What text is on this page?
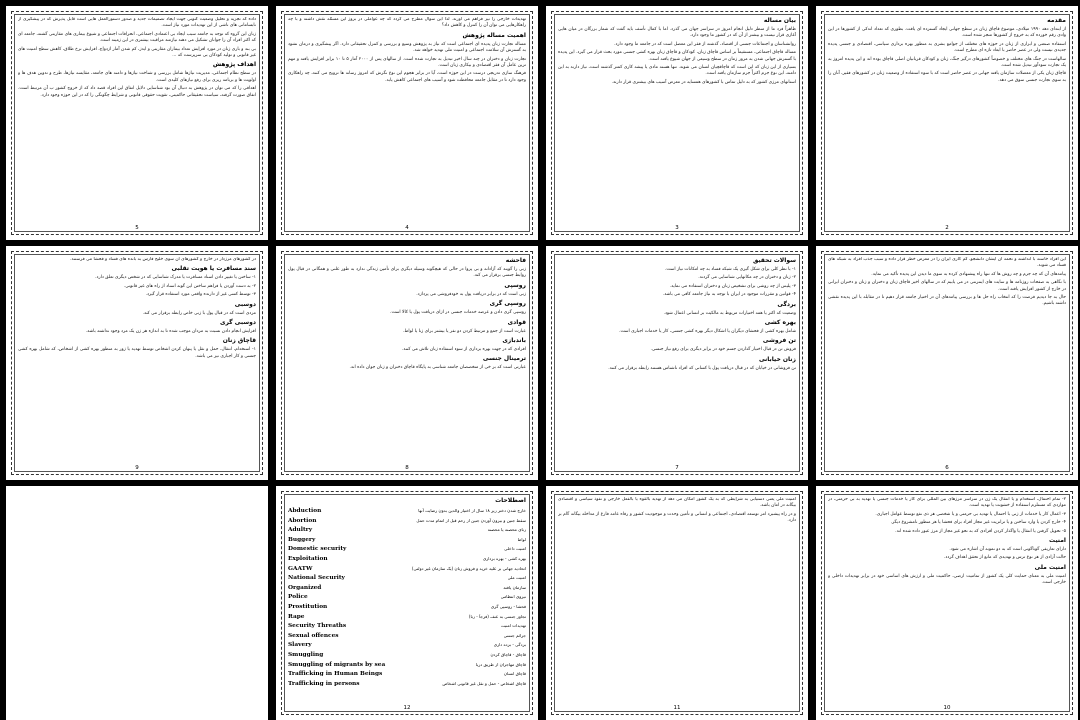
داده که تجزیه و تحلیل وضعیت کنونی جهت ایجاد تصمیمات جدید و صدور دستورالعمل هایی است قابل پذیرش که در پیشگیری از نابسامانی های ناشی از این تهدیدات مورد نیاز است.

زنان این گروه که توجه به جامعه سبب ایجاد بی اعتمادی اجتماعی، انحرافات اجتماعی و شیوع بیماری های مقاربتی گشته، جامعه ای که اکثر افراد آن را جوانان تشکیل می دهند نیازمند مراقبت بیشتری در این زمینه است.

بی بند و باری زنان در مورد افزایش تعداد بیماران مقاربتی و ایدز، کم شدن آمار ازدواج، افزایش نرخ طلاق، کاهش سطح امنیت های غیر قانونی و تولید کودکان بی سرپرست که ...

اهداف پژوهش

در سطح نظام اجتماعی، مدیریت نیازها شامل بررسی و شناخت نیازها و دامنه های جامعه، مقایسه نیازها، طرح و تدوین هدف ها و اولویت ها و برنامه ریزی برای رفع نیازهای کلیدی است.

اهدافی را که می توان در پژوهش به دنبال آن بود شناسایی دلایل اتفاق این افراد قصد داد که از خروج کشور ب آن مرتبط است. اتفاق صورت گرفته، سیاست تحقیقاتی حاکمیتی، تقویت حقوقی قانونی و شرایط چگونگی را که در این حوزه وجود دارد.

5

تهدیدات خارجی را نیز فراهم می آورند. لذا این سوال مطرح می گردد که چه عواملی در بروز این مسئله نقش داشته و با چه راهکارهایی می توان آن را کنترل و کاهش داد؟

اهمیت مساله پژوهش

مساله تجارت زنان پدیده ای اجتماعی است که نیاز به پژوهش وسیع و بررسی و کنترل تحقیقاتی دارد. اگر پیشگیری و درمان نشود به گسترش آن سلامت اجتماعی و امنیت ملی تهدید خواهد شد.

تجارت زنان و دختران در چند سال اخیر تبدیل به تجارت شده است. از سالهای پس از ۲۰۰۰ آمار ۵ تا ۱۰ برابر افزایش یافته و مهم ترین عامل آن فقر اقتصادی و بیکاری زنان است.

فرهنگ سازی تدریجی درست در این حوزه است، آیا در برابر هجوم این نوع نگرش که امروز رسانه ها ترویج می کنند، چه راهکاری وجود دارد تا در مقابل جامعه محافظت شود و آسیب های اجتماعی کاهش یابد.

4
بیان مساله

ظاهراً فرد ما از منظر دلیل انجام امروز در سراسر جهان می گذرد. اما با کمال تأسف باید گفت که شمار بزرگان در میان هایی آغازی قرار نیست و بیشتر از آن که در کشور ما وجود دارد.

روانشناسان و اجتماعات جنسی از اقتصاد، گذشته از فقر این معضل است که در جامعه ما وجود دارد.

مساله قاچاق اجتماعی، مستقیماً بر اساس قاچاق زنان، کودکان و قاچاق زنان بهره کشی جنسی مورد بحث قرار می گیرد. این پدیده با گسترش جهانی شدن به مرور زمان در سطح وسیعی از جهان شیوع یافته است.

بسیاری از این زنان که این است که قاچاقچیان انسان می شوند. تنها هسته مادی یا پیشه کاری کمتر گذشته است، نیاز دارند به این دامنه، این نوع جرم اکثراً جرم سازمان یافته است.

استانهای مرزی کشور که به دلیل تماس با کشورهای همسایه در معرض آسیب های بیشتری قرار دارند.

3
مقدمه

از ابتدای دهه ۱۹۹۰ میلادی، موضوع قاچاق زنان در سطح جهانی ایجاد گسترده ای یافت. بطوری که تعداد اندکی از کشورها در این وادی رقم خورده که به خروج از کشورها منجر شده است.

استفاده صنعتی و ابزاری از زنان در حوزه های مختلف از جوامع بشری به منظور بهره برداری سیاسی، اقتصادی و جنسی پدیده جدیدی نیست ولی در عصر حاضر با ابعاد تازه ای مطرح است.

سالهاست در جنگ های مختلف و خصوصاً کشورهای درگیر جنگ، زنان و کودکان قربانیان اصلی قاچاق بوده اند و این پدیده امروز به یک تجارت سودآور تبدیل شده است.

قاچاق زنان یکی از معضلات سازمان یافته جهانی در عصر حاضر است که با سوء استفاده از وضعیت زنان در کشورهای فقیر، آنان را به سوی تجارت جنسی سوق می دهد.

2

در کشورهای مرزدار در خارج و کشورهای آن سوی خلیج فارس به بانده های فساد و فحشا می فرستند.

سند مسافرت یا هویت تقلبی

۱- ساختن یا تغییر دادن اسناد مسافرت یا مدرک شناسایی که در شخص دیگری تعلق دارد.

۲- به دست آوردن یا فراهم ساختن این گونه اسناد از راه های غیر قانونی.

۳- توسط کسی غیر از دارنده واقعی مورد استفاده قرار گیرد.

دوسبی

مردی است که در قبال پول با زنی خاص رابطه برقرار می کند.

دوسبی گری

افزایش انجام دادن نسبت به مردان موجب شده تا به اندازه هر زن یک مرد وجود نداشته باشد.

قاچاق زنان

۱- استخدام، انتقال، حمل و نقل یا پنهان کردن اشخاص توسط تهدید یا زور به منظور بهره کشی از اشخاص، که شامل بهره کشی جنسی و کار اجباری نیز می باشد.

9
فاحشه

زنی را گویند که آزادانه و بی پروا در حالی که هیچگونه وسیله دیگری برای تأمین زندگی ندارد به طور علنی و همگانی در قبال پول روابط جنسی برقرار می کند.

روسپی

زنی است که در برابر دریافت پول به خودفروشی می پردازد.

روسپی گری

روسپی گری دادن و عرضه خدمات جنسی در ازای دریافت پول یا کالا است.

قوادی

عبارت است از جمع و مرتبط کردن دو نفر یا بیشتر برای زنا یا لواط.

باندبازی

افرادی که در جهت بهره برداری از سوء استفاده زنان تلاش می کنند.

ترمینال جنسی

عبارتی است که بر خی از متخصصان جامعه شناسی به پایگاه قاچاق دختران و زنان جوان داده اند.

8
سوالات تحقیق

۱- با نظر کلی برای شکل گیری یک شبکه فساد به چه امکانات نیاز است.

۲- زنان و دختران در چه مکانهایی شناسایی می گردند.

۳- پلیس از چه روشی برای تشخیص زنان و دختران استفاده می نماید.

۴- قوانین و مقررات موجود در ایران با توجه به نیاز جامعه کافی می باشد.

بردگی

وضعیت که اکثر یا همه اختیارات مربوط به مالکیت بر انسانی اعمال شود.

بهره کشی

شامل بهره کشی از فحشای دیگران یا اشکال دیگر بهره کشی جنسی، کار یا خدمات اجباری است.

تن فروشی

فروش تن در قبال اختیار گذاردن جسم خود در برابر دیگری برای رفع نیاز جنسی.

زنان خیابانی

تن فروشانی در خیابان که در قبال دریافت پول با کسانی که افراد ناشناس هستند رابطه برقرار می کنند.

7

این افراد خاسته با انداشته و تحمه آن ایشان دانشجو، کم کاری ایران را در معرض خطر قرار داده و سبب جذب افراد به شبکه های فساد می شوند.

پیامدهای آن که چه جرم و چه روش ها که تنها راه پیشنهادی کرده به سوی ما دیدن این پدیده تأکید می نماید.

با نگاهی به صفحات روزنامه ها و سایت های اینترنتی در می یابیم که در سالهای اخیر قاچاق زنان و دختران و زنان و دختران ایرانی در خارج از کشور افزایش یافته است.

حال به جا دیدیم فرصت را که انتخاب راه حل ها و بررسی پیامدهای آن در اختیار جامعه قرار دهیم تا در مقابله با این پدیده نقشی داشته باشیم.

6
اصطلاحات
Abduction	خارج شدن دختر زیر ۱۸ سال از اختیار والدین بدون رضایت آنها
Abortion	سقط جنین و بیرون آوردن جنین از رحم قبل از اتمام مدت حمل
Adultry	زنای محصنه یا محصنه
Buggery	لواط
Domestic security	امنیت داخلی
Exploitation	بهره کشی - بهره برداری
GAATW	اتحادیه جهانی بر علیه خرید و فروش زنان (یک سازمان غیر دولتی)
National Security	امنیت ملی
Organized	سازمان یافته
Police	نیروی انتظامی
Prostitution	فحشا - روسپی گری
Rape	تجاوز جنسی به عنف (فرجاً - زنا)
Security Threaths	تهدیدات امنیت
Sexual offences	جرائم جنسی
Slavery	بردگی - برده داری
Smuggling	قاچاق - قاچاق کردن
Smuggling of migrants by sea	قاچاق مهاجران از طریق دریا
Trafficking in Human Beings	قاچاق انسان
Trafficking in persons	قاچاق اشخاص - حمل و نقل غیر قانونی اشخاص
12

امنیت ملی یعنی دستیابی به شرایطی که به یک کشور امکان می دهد از تهدید بالقوه یا بالفعل خارجی و نفوذ سیاسی و اقتصادی بیگانه در امان باشد.

و در راه پیشبرد امر توسعه اقتصادی، اجتماعی و انسانی و تأمین وحدت و موجودیت کشور و رفاه عامه فارغ از مداخله بیگانه گام بر دارد.

11

۲- تمام احتمال، استخدام و یا انتقال یک زن در سراسر مرزهای بین المللی برای کار یا خدمات جنسی یا تهدید به بی حرمتی، در مواردی که مستلزم استفاده از خشونت یا تهدید است.

۳- اعمال کار یا خدمات از زنی با احتمال یا تهدید بی حرمتی و یا شخصی هر ذی نفع توسط عوامل اجباری.

۴- خارج کردن یا وارد ساختن و یا ترانزیت غیر مجاز افراد برای فحشا یا هر منظور نامشروع دیگر.

۵- تحویل گرفتن یا انتقال یا واگذار کردن افرادی که به نحو غیر مجاز از مرز عبور داده شده اند.

امنیت

دارای تعاریفی گوناگونی است که به دو نمونه آن اشاره می شود.

حالت آزادی از هر نوع ترس و تهدیدی که مانع از تحقق اهداف گردد.

امنیت ملی

امنیت ملی به معنای حمایت کلی یک کشور از تمامیت ارضی، حاکمیت ملی و ارزش های اساسی خود در برابر تهدیدات داخلی و خارجی است.

10
